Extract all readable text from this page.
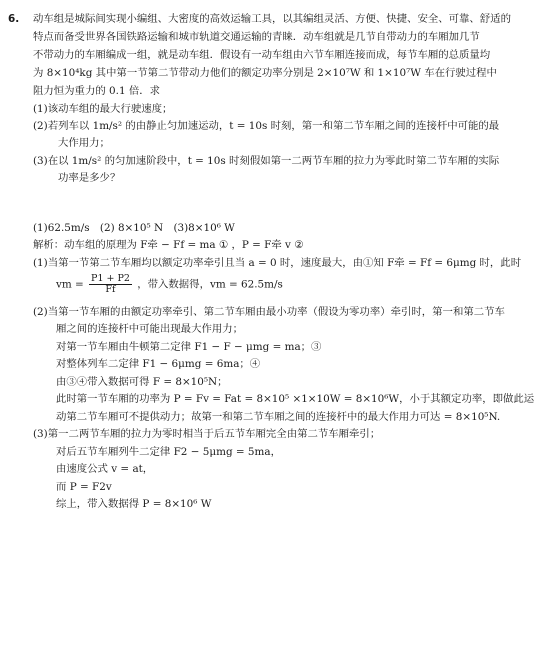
6. 动车组是城际间实现小编组、大密度的高效运输工具，以其编组灵活、方便、快捷、安全、可靠、舒适的
特点而备受世界各国铁路运输和城市轨道交通运输的青睐．动车组就是几节自带动力的车厢加几节
不带动力的车厢编成一组，就是动车组．假设有一动车组由六节车厢连接而成，每节车厢的总质量均
为 8×10⁴kg 其中第一节第二节带动力他们的额定功率分别是 2×10⁷W 和 1×10⁷W 车在行驶过程中
阻力恒为重力的 0.1 倍．求
(1)该动车组的最大行驶速度；
(2)若列车以 1m/s² 的由静止匀加速运动，t = 10s 时刻，第一和第二节车厢之间的连接杆中可能的最
大作用力；
(3)在以 1m/s² 的匀加速阶段中，t = 10s 时刻假如第一二两节车厢的拉力为零此时第二节车厢的实际
功率是多少？
(1)62.5m/s　(2) 8×10⁵ N　(3)8×10⁶ W
解析：动车组的原理为 F牵 − Ff = ma ① ，P = F牵 v ②
(1)当第一节第二节车厢均以额定功率牵引且当 a = 0 时，速度最大，由①知 F牵 = Ff = 6μmg 时，此时
vm = $\frac{P1 + P2}{Ff}$ ，带入数据得，vm = 62.5m/s
(2)当第一节车厢的由额定功率牵引、第二节车厢由最小功率（假设为零功率）牵引时，第一和第二节车
厢之间的连接杆中可能出现最大作用力；
对第一节车厢由牛顿第二定律 F1 − F − μmg = ma；③
对整体列车二定律 F1 − 6μmg = 6ma；④
由③④带入数据可得 F = 8×10⁵N；
此时第一节车厢的功率为 P = Fv = Fat = 8×10⁵ ×1×10W = 8×10⁶W，小于其额定功率，即做此运
动第二节车厢可不提供动力；故第一和第二节车厢之间的连接杆中的最大作用力可达 = 8×10⁵N.
(3)第一二两节车厢的拉力为零时相当于后五节车厢完全由第二节车厢牵引；
对后五节车厢列牛二定律 F2 − 5μmg = 5ma，
由速度公式 v = at，
而 P = F2v
综上，带入数据得 P = 8×10⁶ W
